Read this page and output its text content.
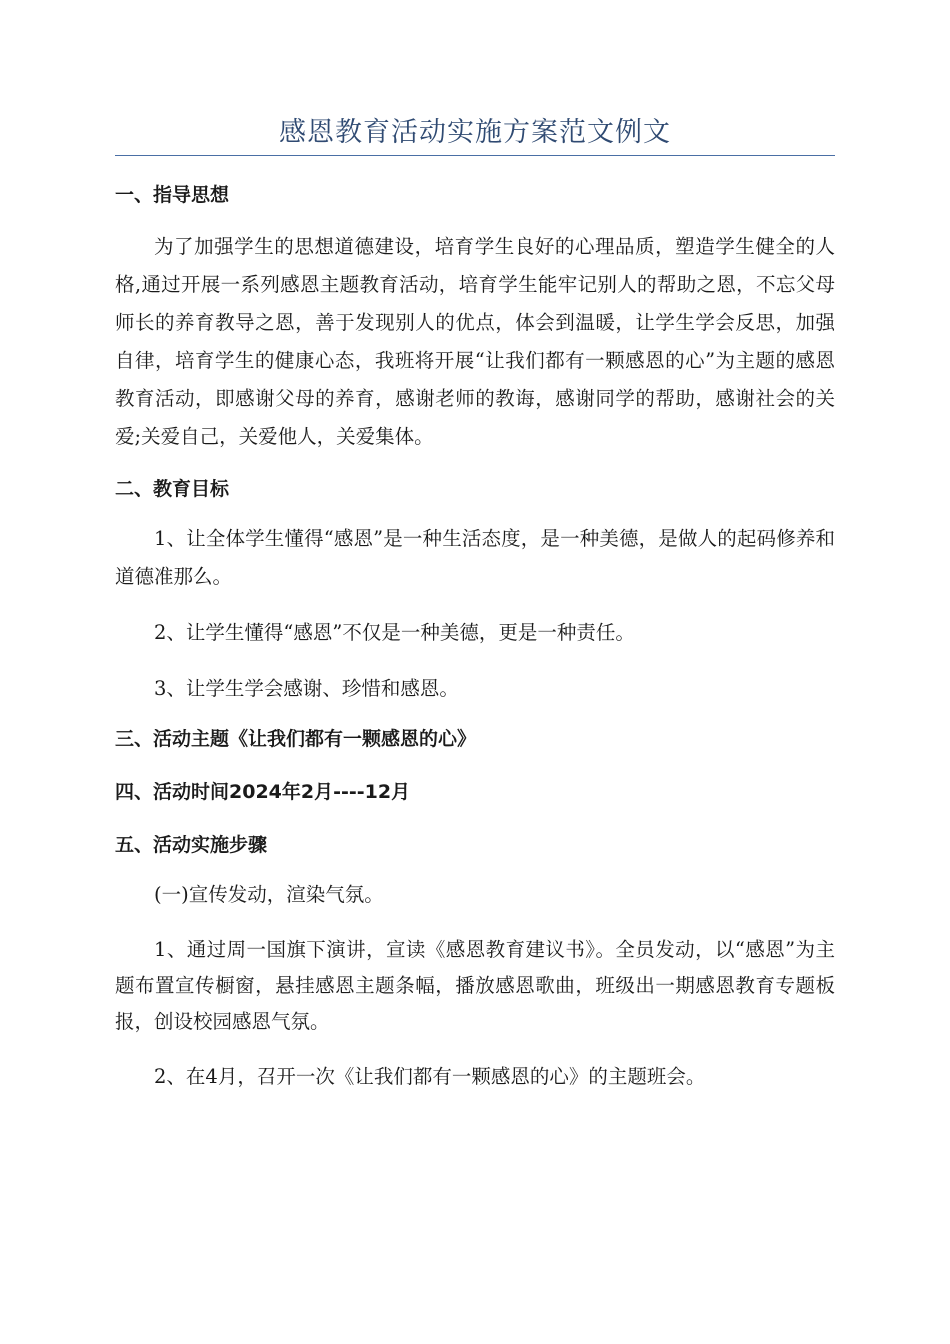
感恩教育活动实施方案范文例文
一、指导思想

为了加强学生的思想道德建设，培育学生良好的心理品质，塑造学生健全的人格,通过开展一系列感恩主题教育活动，培育学生能牢记别人的帮助之恩，不忘父母师长的养育教导之恩，善于发现别人的优点，体会到温暖，让学生学会反思，加强自律，培育学生的健康心态，我班将开展“让我们都有一颗感恩的心”为主题的感恩教育活动，即感谢父母的养育，感谢老师的教诲，感谢同学的帮助，感谢社会的关爱;关爱自己，关爱他人，关爱集体。

二、教育目标

1、让全体学生懂得“感恩”是一种生活态度，是一种美德，是做人的起码修养和道德准那么。

2、让学生懂得“感恩”不仅是一种美德，更是一种责任。

3、让学生学会感谢、珍惜和感恩。

三、活动主题《让我们都有一颗感恩的心》
四、活动时间2024年2月----12月
五、活动实施步骤

(一)宣传发动，渲染气氛。

1、通过周一国旗下演讲，宣读《感恩教育建议书》。全员发动，以“感恩”为主题布置宣传橱窗，悬挂感恩主题条幅，播放感恩歌曲，班级出一期感恩教育专题板报，创设校园感恩气氛。

2、在4月，召开一次《让我们都有一颗感恩的心》的主题班会。
